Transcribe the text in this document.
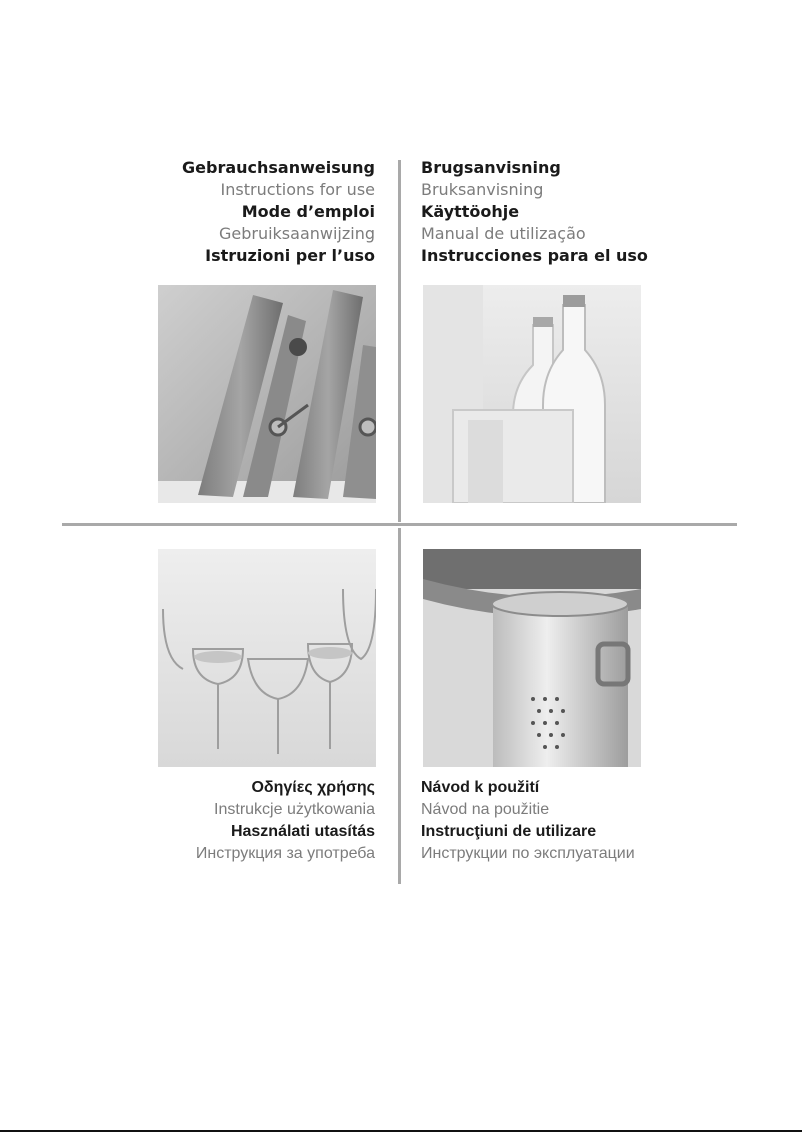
Gebrauchsanweisung
Instructions for use
Mode d’emploi
Gebruiksaanwijzing
Istruzioni per l’uso
Brugsanvisning
Bruksanvisning
Käyttöohje
Manual de utilização
Instrucciones para el uso
Οδηγίες χρήσης
Instrukcje użytkowania
Használati utasítás
Инструкция за употреба
Návod k použití
Návod na použitie
Instrucţiuni de utilizare
Инструкции по эксплуатации
